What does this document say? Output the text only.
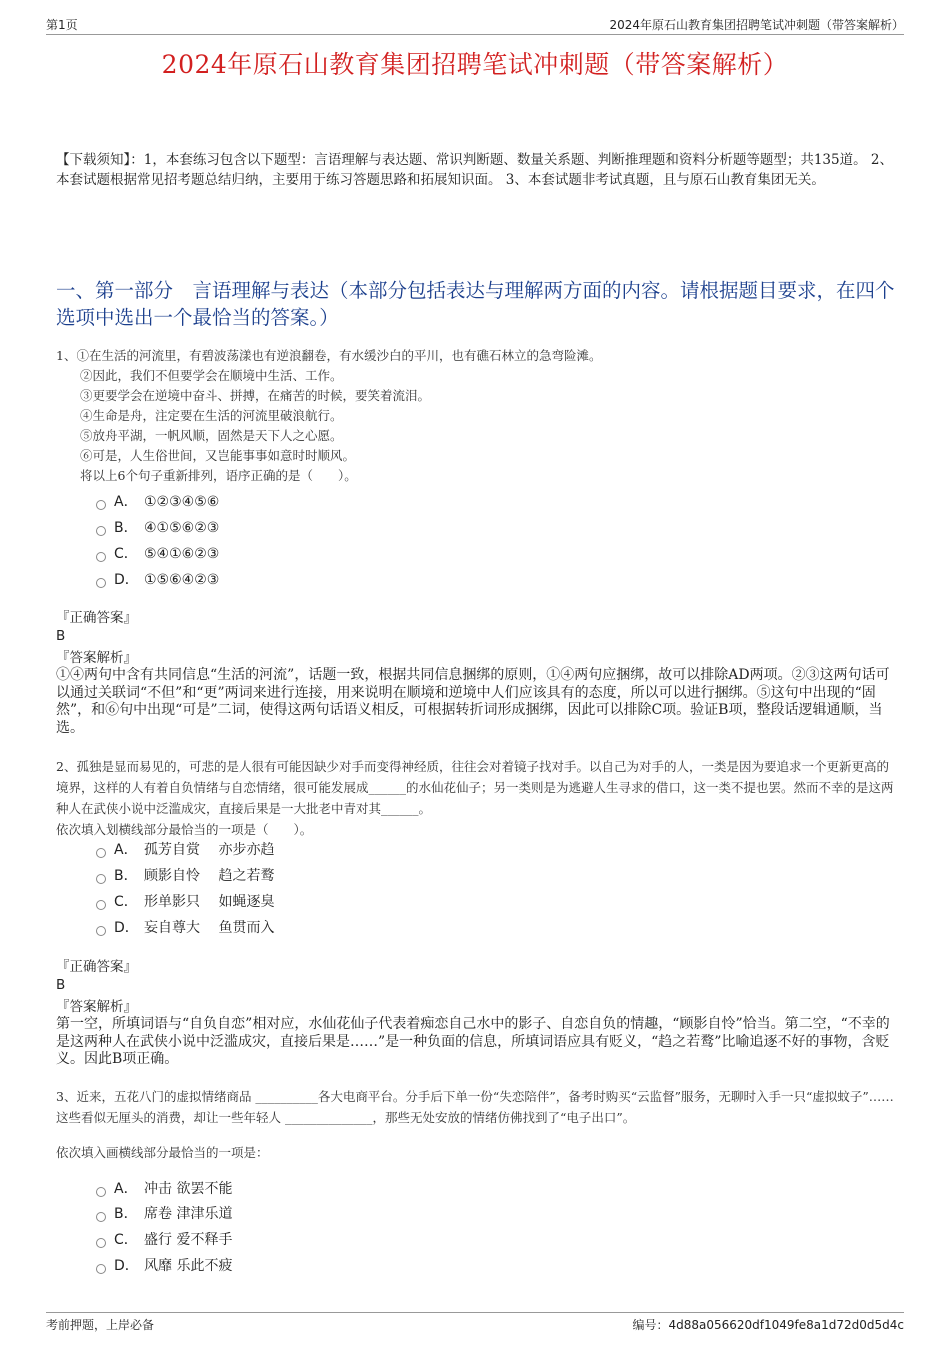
第1页	2024年原石山教育集团招聘笔试冲刺题（带答案解析）
2024年原石山教育集团招聘笔试冲刺题（带答案解析）
【下载须知】：1，本套练习包含以下题型：言语理解与表达题、常识判断题、数量关系题、判断推理题和资料分析题等题型；共135道。 2、本套试题根据常见招考题总结归纳，主要用于练习答题思路和拓展知识面。 3、本套试题非考试真题，且与原石山教育集团无关。
一、第一部分　言语理解与表达（本部分包括表达与理解两方面的内容。请根据题目要求，在四个选项中选出一个最恰当的答案。）
1、①在生活的河流里，有碧波荡漾也有逆浪翻卷，有水缓沙白的平川，也有礁石林立的急弯险滩。
②因此，我们不但要学会在顺境中生活、工作。
③更要学会在逆境中奋斗、拼搏，在痛苦的时候，要笑着流泪。
④生命是舟，注定要在生活的河流里破浪航行。
⑤放舟平湖，一帆风顺，固然是天下人之心愿。
⑥可是，人生俗世间，又岂能事事如意时时顺风。
将以上6个句子重新排列，语序正确的是（　　）。
A． ①②③④⑤⑥
B． ④①⑤⑥②③
C． ⑤④①⑥②③
D． ①⑤⑥④②③
『正确答案』
B
『答案解析』
①④两句中含有共同信息“生活的河流”，话题一致，根据共同信息捆绑的原则，①④两句应捆绑，故可以排除AD两项。②③这两句话可以通过关联词“不但”和“更”两词来进行连接，用来说明在顺境和逆境中人们应该具有的态度，所以可以进行捆绑。⑤这句中出现的“固然”，和⑥句中出现“可是”二词，使得这两句话语义相反，可根据转折词形成捆绑，因此可以排除C项。验证B项，整段话逻辑通顺，当选。
2、孤独是显而易见的，可悲的是人很有可能因缺少对手而变得神经质，往往会对着镜子找对手。以自己为对手的人，一类是因为要追求一个更新更高的境界，这样的人有着自负情绪与自恋情绪，很可能发展成______的水仙花仙子；另一类则是为逃避人生寻求的借口，这一类不提也罢。然而不幸的是这两种人在武侠小说中泛滥成灾，直接后果是一大批老中青对其______。
依次填入划横线部分最恰当的一项是（　　）。
A． 孤芳自赏　 亦步亦趋
B． 顾影自怜　 趋之若鹜
C． 形单影只　 如蝇逐臭
D． 妄自尊大　 鱼贯而入
『正确答案』
B
『答案解析』
第一空，所填词语与“自负自恋”相对应，水仙花仙子代表着痴恋自己水中的影子、自恋自负的情趣，“顾影自怜”恰当。第二空，“不幸的是这两种人在武侠小说中泛滥成灾，直接后果是……”是一种负面的信息，所填词语应具有贬义，“趋之若鹜”比喻追逐不好的事物，含贬义。因此B项正确。
3、近来，五花八门的虚拟情绪商品 __________各大电商平台。分手后下单一份“失恋陪伴”，备考时购买“云监督”服务，无聊时入手一只“虚拟蚊子”……这些看似无厘头的消费，却让一些年轻人 ______________，那些无处安放的情绪仿佛找到了“电子出口”。
依次填入画横线部分最恰当的一项是：
A． 冲击 欲罢不能
B． 席卷 津津乐道
C． 盛行 爱不释手
D． 风靡 乐此不疲
考前押题，上岸必备	编号：4d88a056620df1049fe8a1d72d0d5d4c
